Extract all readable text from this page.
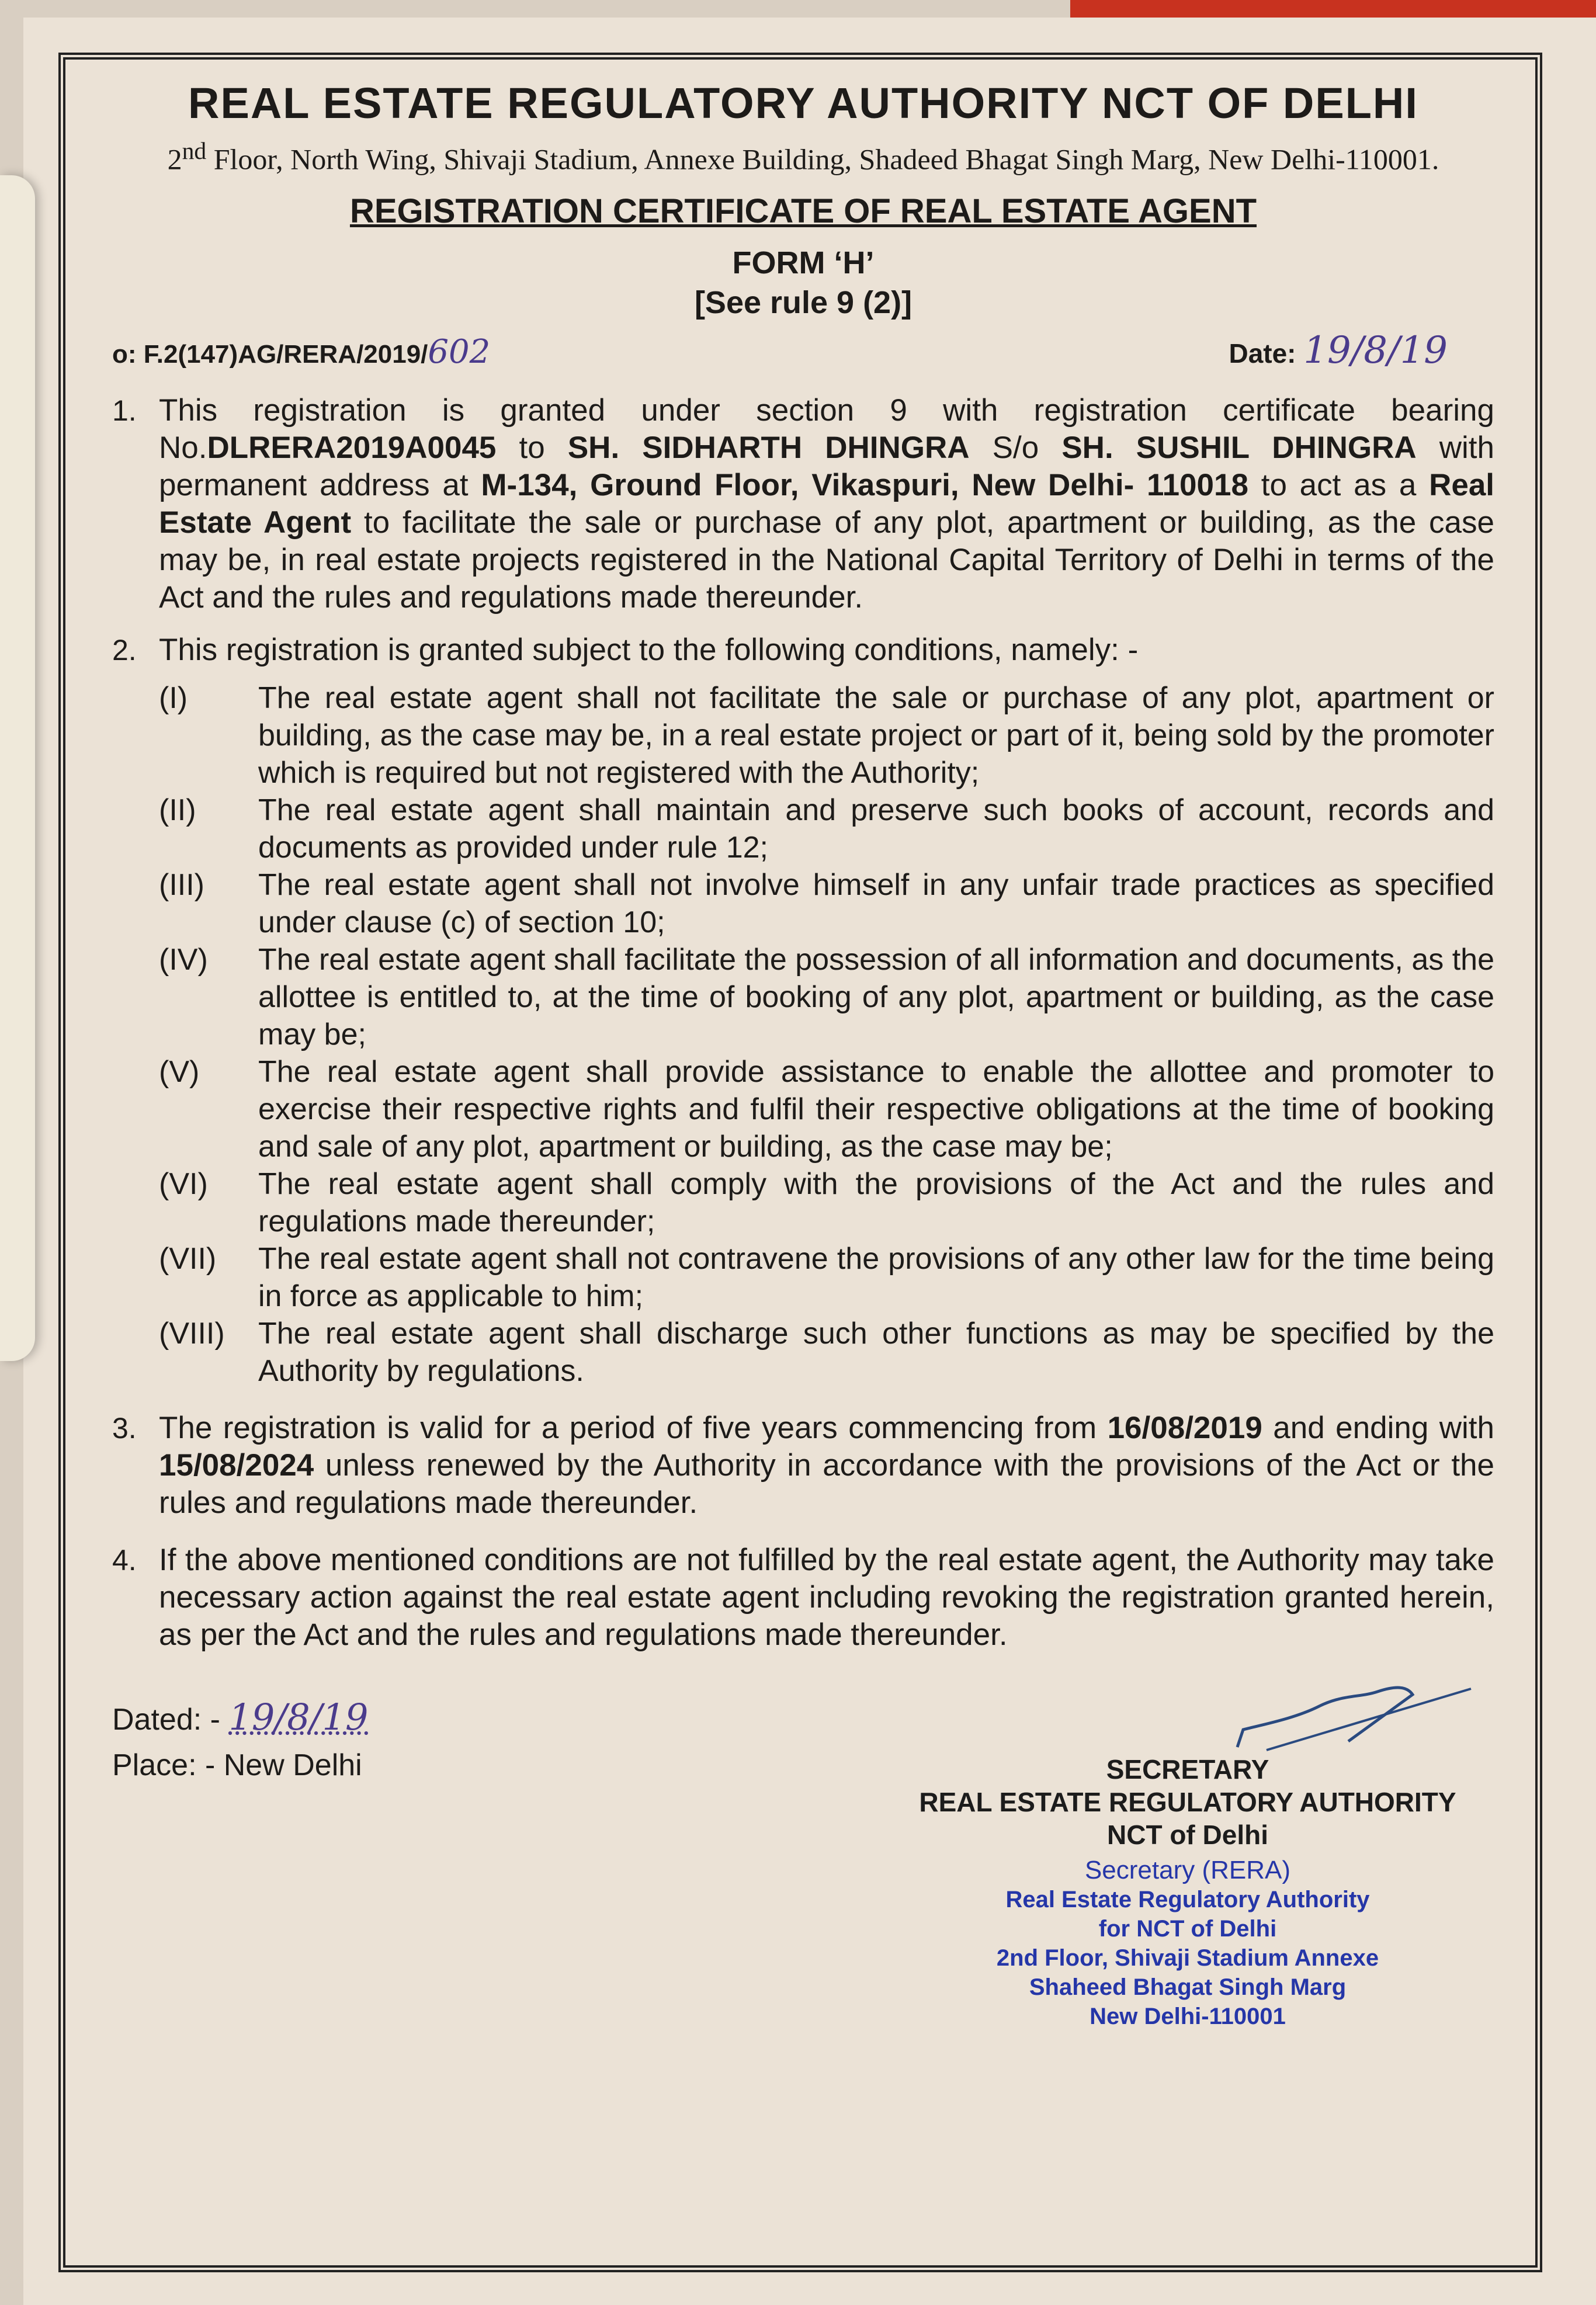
REAL ESTATE REGULATORY AUTHORITY NCT OF DELHI
2nd Floor, North Wing, Shivaji Stadium, Annexe Building, Shadeed Bhagat Singh Marg, New Delhi-110001.
REGISTRATION CERTIFICATE OF REAL ESTATE AGENT
FORM ‘H’
[See rule 9 (2)]
o: F.2(147)AG/RERA/2019/602	Date: 19/8/19
1. This registration is granted under section 9 with registration certificate bearing No.DLRERA2019A0045 to SH. SIDHARTH DHINGRA S/o SH. SUSHIL DHINGRA with permanent address at M-134, Ground Floor, Vikaspuri, New Delhi- 110018 to act as a Real Estate Agent to facilitate the sale or purchase of any plot, apartment or building, as the case may be, in real estate projects registered in the National Capital Territory of Delhi in terms of the Act and the rules and regulations made thereunder.
2. This registration is granted subject to the following conditions, namely: -
(I)	The real estate agent shall not facilitate the sale or purchase of any plot, apartment or building, as the case may be, in a real estate project or part of it, being sold by the promoter which is required but not registered with the Authority;
(II)	The real estate agent shall maintain and preserve such books of account, records and documents as provided under rule 12;
(III)	The real estate agent shall not involve himself in any unfair trade practices as specified under clause (c) of section 10;
(IV)	The real estate agent shall facilitate the possession of all information and documents, as the allottee is entitled to, at the time of booking of any plot, apartment or building, as the case may be;
(V)	The real estate agent shall provide assistance to enable the allottee and promoter to exercise their respective rights and fulfil their respective obligations at the time of booking and sale of any plot, apartment or building, as the case may be;
(VI)	The real estate agent shall comply with the provisions of the Act and the rules and regulations made thereunder;
(VII)	The real estate agent shall not contravene the provisions of any other law for the time being in force as applicable to him;
(VIII)	The real estate agent shall discharge such other functions as may be specified by the Authority by regulations.
3. The registration is valid for a period of five years commencing from 16/08/2019 and ending with 15/08/2024 unless renewed by the Authority in accordance with the provisions of the Act or the rules and regulations made thereunder.
4. If the above mentioned conditions are not fulfilled by the real estate agent, the Authority may take necessary action against the real estate agent including revoking the registration granted herein, as per the Act and the rules and regulations made thereunder.
Dated: - 19/8/19
Place: - New Delhi	SECRETARY
REAL ESTATE REGULATORY AUTHORITY
NCT of Delhi
Secretary (RERA)
Real Estate Regulatory Authority
for NCT of Delhi
2nd Floor, Shivaji Stadium Annexe
Shaheed Bhagat Singh Marg
New Delhi-110001
